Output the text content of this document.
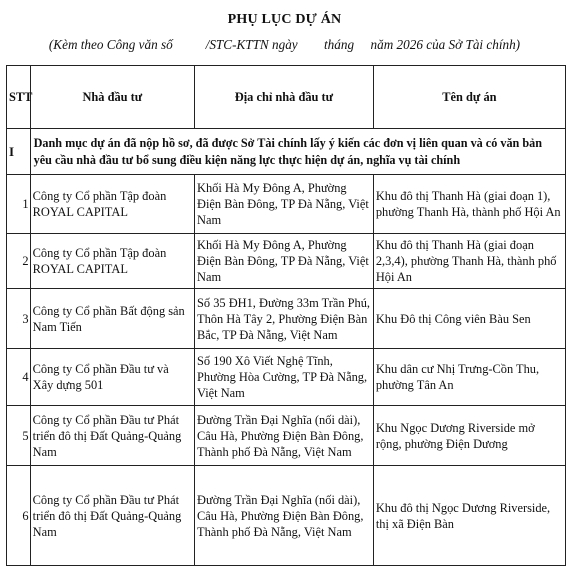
PHỤ LỤC DỰ ÁN
(Kèm theo Công văn số          /STC-KTTN ngày        tháng     năm 2026 của Sở Tài chính)
STT	Nhà đầu tư	Địa chỉ nhà đầu tư	Tên dự án
I	Danh mục dự án đã nộp hồ sơ, đã được Sở Tài chính lấy ý kiến các đơn vị liên quan và có văn bản yêu cầu nhà đầu tư bổ sung điều kiện năng lực thực hiện dự án, nghĩa vụ tài chính		
1	Công ty Cổ phần Tập đoàn ROYAL CAPITAL	Khối Hà My Đông A, Phường Điện Bàn Đông, TP Đà Nẵng, Việt Nam	Khu đô thị Thanh Hà (giai đoạn 1), phường Thanh Hà, thành phố Hội An
2	Công ty Cổ phần Tập đoàn ROYAL CAPITAL	Khối Hà My Đông A, Phường Điện Bàn Đông, TP Đà Nẵng, Việt Nam	Khu đô thị Thanh Hà (giai đoạn 2,3,4), phường Thanh Hà, thành phố Hội An
3	Công ty Cổ phần Bất động sản Nam Tiến	Số 35 ĐH1, Đường 33m Trần Phú, Thôn Hà Tây 2, Phường Điện Bàn Bắc, TP Đà Nẵng, Việt Nam	Khu Đô thị Công viên Bàu Sen
4	Công ty Cổ phần Đầu tư và Xây dựng 501	Số 190 Xô Viết Nghệ Tĩnh, Phường Hòa Cường, TP Đà Nẵng, Việt Nam	Khu dân cư Nhị Trưng-Cồn Thu, phường Tân An
5	Công ty Cổ phần Đầu tư Phát triển đô thị Đất Quảng-Quảng Nam	Đường Trần Đại Nghĩa (nối dài), Câu Hà, Phường Điện Bàn Đông, Thành phố Đà Nẵng, Việt Nam	Khu Ngọc Dương Riverside mở rộng, phường Điện Dương
6	Công ty Cổ phần Đầu tư Phát triển đô thị Đất Quảng-Quảng Nam	Đường Trần Đại Nghĩa (nối dài), Câu Hà, Phường Điện Bàn Đông, Thành phố Đà Nẵng, Việt Nam	Khu đô thị Ngọc Dương Riverside, thị xã Điện Bàn
